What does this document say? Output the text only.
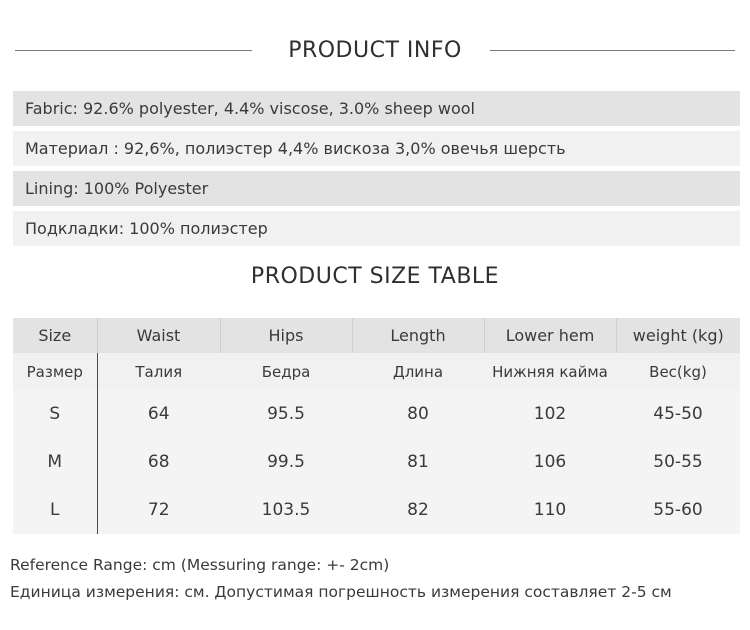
PRODUCT INFO
Fabric: 92.6% polyester, 4.4% viscose, 3.0% sheep wool
Материал : 92,6%, полиэстер 4,4% вискоза 3,0% овечья шерсть
Lining: 100% Polyester
Подкладки: 100% полиэстер
PRODUCT SIZE TABLE
Size	Waist	Hips	Length	Lower hem	weight (kg)
Размер	Талия	Бедра	Длина	Нижняя кайма	Вес(kg)
S	64	95.5	80	102	45-50
M	68	99.5	81	106	50-55
L	72	103.5	82	110	55-60
Reference Range: cm (Messuring range: +- 2cm)
Единица измерения: см. Допустимая погрешность измерения составляет 2-5 см
